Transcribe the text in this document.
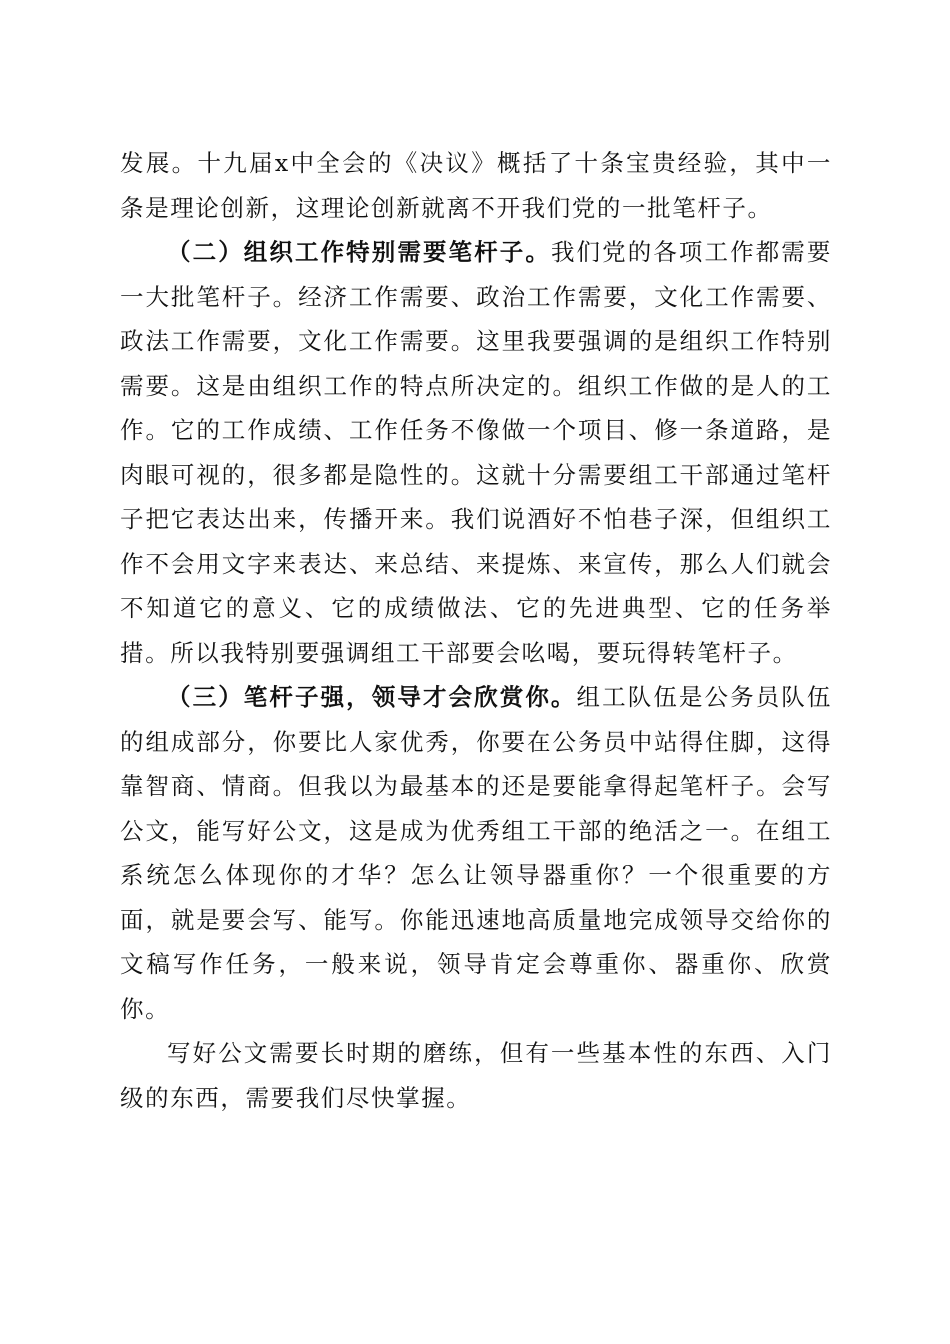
发展。十九届x中全会的《决议》概括了十条宝贵经验，其中一条是理论创新，这理论创新就离不开我们党的一批笔杆子。

（二）组织工作特别需要笔杆子。我们党的各项工作都需要一大批笔杆子。经济工作需要、政治工作需要，文化工作需要、政法工作需要，文化工作需要。这里我要强调的是组织工作特别需要。这是由组织工作的特点所决定的。组织工作做的是人的工作。它的工作成绩、工作任务不像做一个项目、修一条道路，是肉眼可视的，很多都是隐性的。这就十分需要组工干部通过笔杆子把它表达出来，传播开来。我们说酒好不怕巷子深，但组织工作不会用文字来表达、来总结、来提炼、来宣传，那么人们就会不知道它的意义、它的成绩做法、它的先进典型、它的任务举措。所以我特别要强调组工干部要会吆喝，要玩得转笔杆子。

（三）笔杆子强，领导才会欣赏你。组工队伍是公务员队伍的组成部分，你要比人家优秀，你要在公务员中站得住脚，这得靠智商、情商。但我以为最基本的还是要能拿得起笔杆子。会写公文，能写好公文，这是成为优秀组工干部的绝活之一。在组工系统怎么体现你的才华？怎么让领导器重你？一个很重要的方面，就是要会写、能写。你能迅速地高质量地完成领导交给你的文稿写作任务，一般来说，领导肯定会尊重你、器重你、欣赏你。

写好公文需要长时期的磨练，但有一些基本性的东西、入门级的东西，需要我们尽快掌握。
